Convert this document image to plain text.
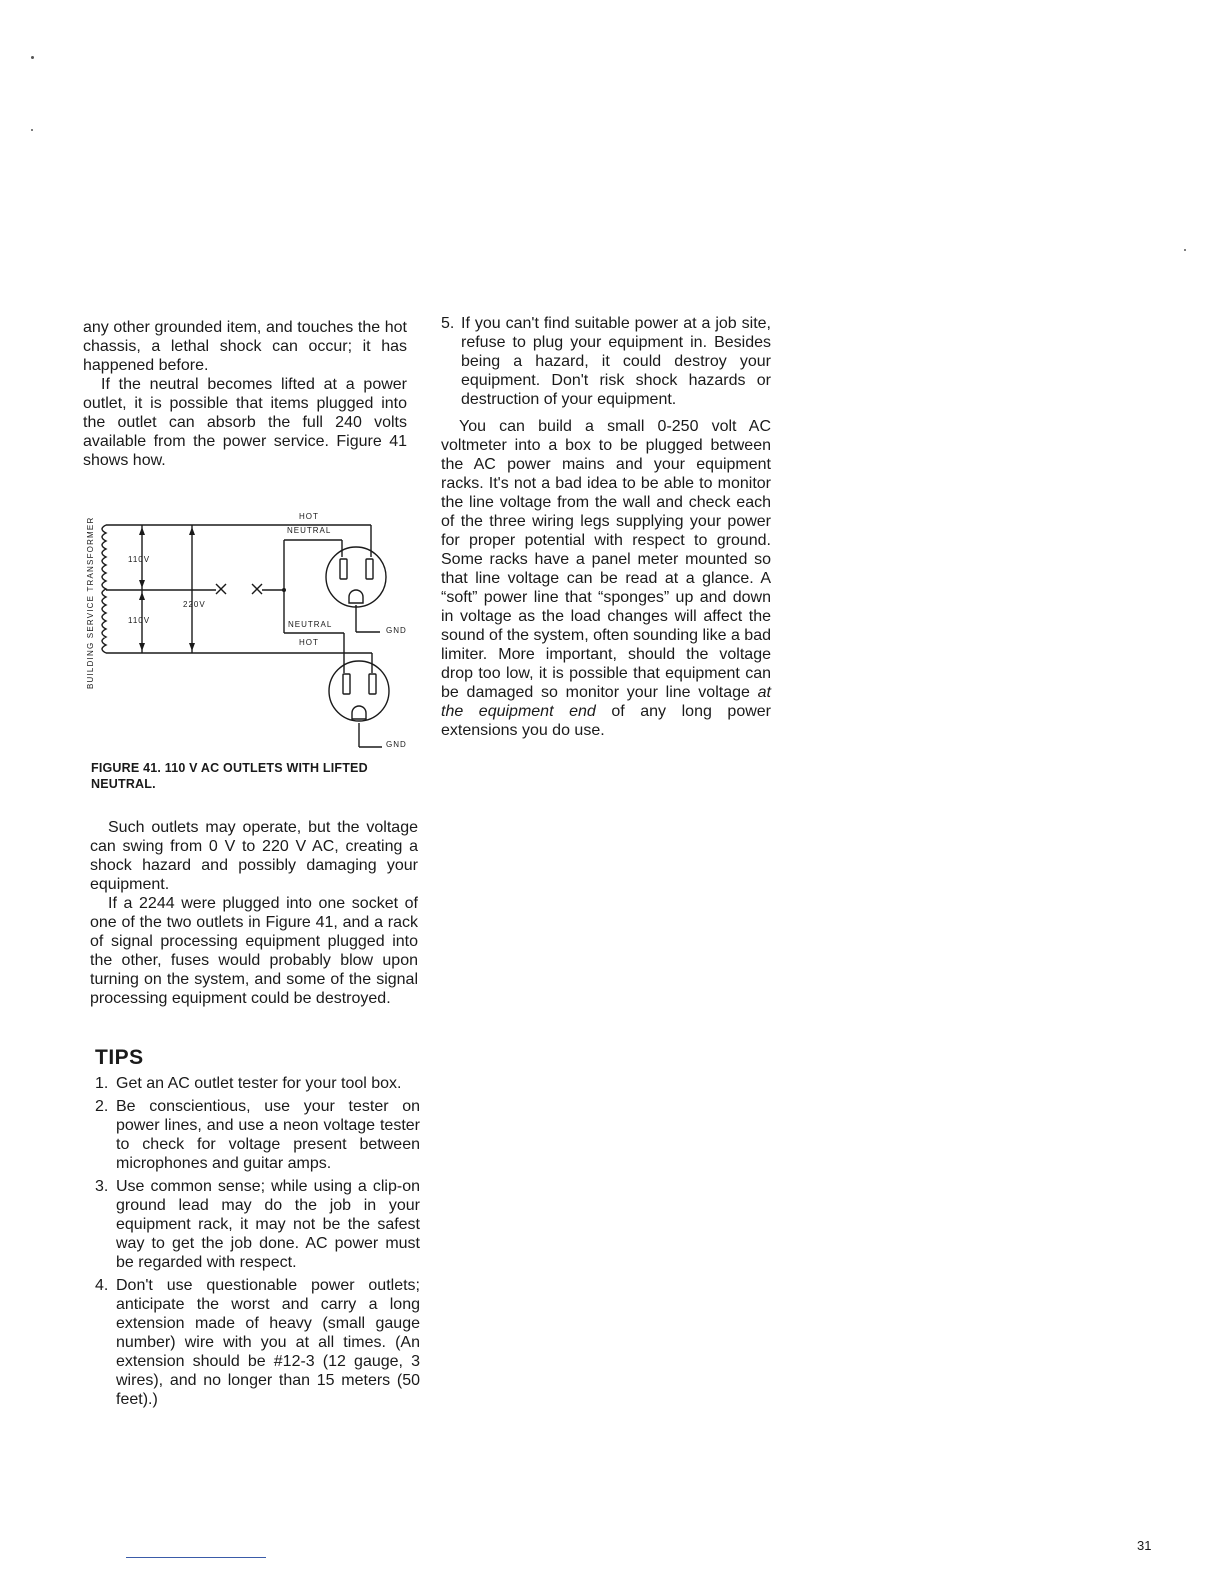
any other grounded item, and touches the hot chassis, a lethal shock can occur; it has happened before.

If the neutral becomes lifted at a power outlet, it is possible that items plugged into the outlet can absorb the full 240 volts available from the power service. Figure 41 shows how.

HOT
NEUTRAL
110V
220V
110V	NEUTRAL
HOT
GND
GND
BUILDING SERVICE TRANSFORMER
FIGURE 41. 110 V AC OUTLETS WITH LIFTED
NEUTRAL.

Such outlets may operate, but the voltage can swing from 0 V to 220 V AC, creating a shock hazard and possibly damaging your equipment.

If a 2244 were plugged into one socket of one of the two outlets in Figure 41, and a rack of signal processing equipment plugged into the other, fuses would probably blow upon turning on the system, and some of the signal processing equipment could be destroyed.

TIPS
1. Get an AC outlet tester for your tool box.
2. Be conscientious, use your tester on power lines, and use a neon voltage tester to check for voltage present between microphones and guitar amps.
3. Use common sense; while using a clip-on ground lead may do the job in your equipment rack, it may not be the safest way to get the job done. AC power must be regarded with respect.
4. Don't use questionable power outlets; anticipate the worst and carry a long extension made of heavy (small gauge number) wire with you at all times. (An extension should be #12-3 (12 gauge, 3 wires), and no longer than 15 meters (50 feet).)
5. If you can't find suitable power at a job site, refuse to plug your equipment in. Besides being a hazard, it could destroy your equipment. Don't risk shock hazards or destruction of your equipment.

You can build a small 0-250 volt AC voltmeter into a box to be plugged between the AC power mains and your equipment racks. It's not a bad idea to be able to monitor the line voltage from the wall and check each of the three wiring legs supplying your power for proper potential with respect to ground. Some racks have a panel meter mounted so that line voltage can be read at a glance. A “soft” power line that “sponges” up and down in voltage as the load changes will affect the sound of the system, often sounding like a bad limiter. More important, should the voltage drop too low, it is possible that equipment can be damaged so monitor your line voltage at the equipment end of any long power extensions you do use.

31
